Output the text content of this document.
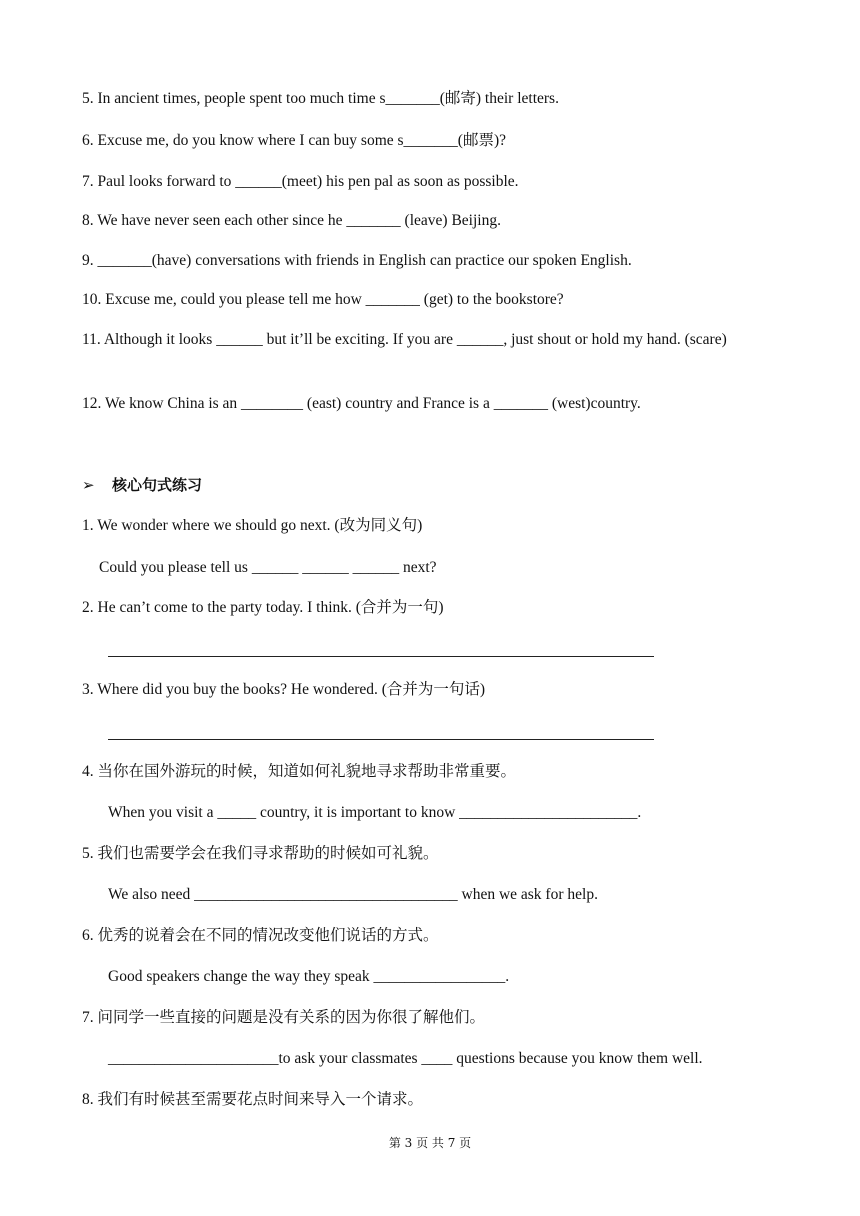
5. In ancient times, people spent too much time s_______(邮寄) their letters.
6. Excuse me, do you know where I can buy some s_______(邮票)?
7. Paul looks forward to ______(meet) his pen pal as soon as possible.
8. We have never seen each other since he _______ (leave) Beijing.
9. _______(have) conversations with friends in English can practice our spoken English.
10. Excuse me, could you please tell me how _______ (get) to the bookstore?
11. Although it looks ______ but it’ll be exciting. If you are ______, just shout or hold my hand. (scare)
12. We know China is an ________ (east) country and France is a _______ (west)country.
➢ 核心句式练习
1. We wonder where we should go next. (改为同义句)
Could you please tell us ______ ______ ______ next?
2. He can’t come to the party today. I think. (合并为一句)
3. Where did you buy the books? He wondered. (合并为一句话)
4. 当你在国外游玩的时候，知道如何礼貌地寻求帮助非常重要。
When you visit a _____ country, it is important to know _______________________.
5. 我们也需要学会在我们寻求帮助的时候如可礼貌。
We also need __________________________________ when we ask for help.
6. 优秀的说着会在不同的情况改变他们说话的方式。
Good speakers change the way they speak _________________.
7. 问同学一些直接的问题是没有关系的因为你很了解他们。
______________________to ask your classmates ____ questions because you know them well.
8. 我们有时候甚至需要花点时间来导入一个请求。
第 3 页 共 7 页
